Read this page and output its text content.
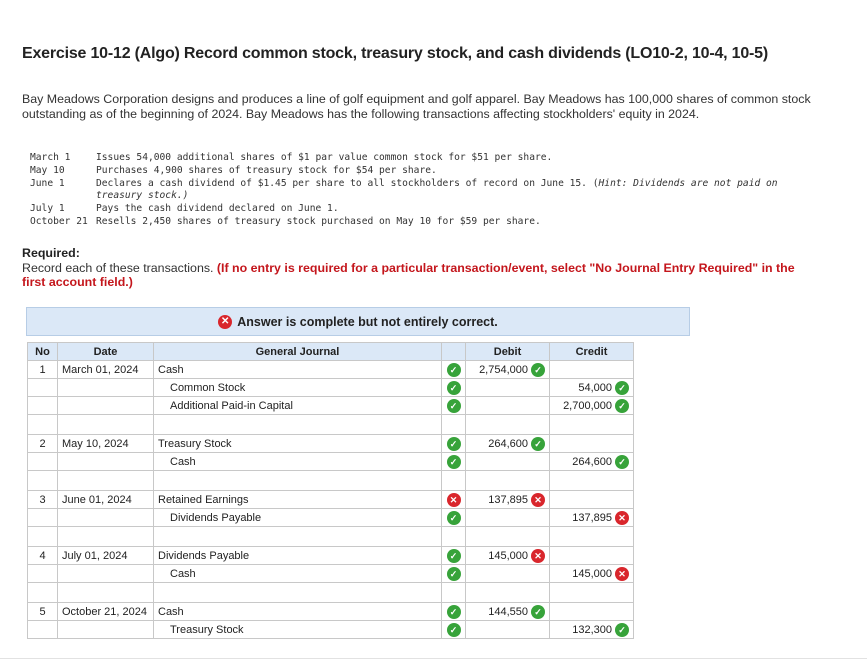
Exercise 10-12 (Algo) Record common stock, treasury stock, and cash dividends (LO10-2, 10-4, 10-5)
Bay Meadows Corporation designs and produces a line of golf equipment and golf apparel. Bay Meadows has 100,000 shares of common stock outstanding as of the beginning of 2024. Bay Meadows has the following transactions affecting stockholders' equity in 2024.
March 1	Issues 54,000 additional shares of $1 par value common stock for $51 per share.
May 10	Purchases 4,900 shares of treasury stock for $54 per share.
June 1	Declares a cash dividend of $1.45 per share to all stockholders of record on June 15. (Hint: Dividends are not paid on treasury stock.)
July 1	Pays the cash dividend declared on June 1.
October 21 Resells 2,450 shares of treasury stock purchased on May 10 for $59 per share.
Required:
Record each of these transactions. (If no entry is required for a particular transaction/event, select "No Journal Entry Required" in the first account field.)
✕ Answer is complete but not entirely correct.
No	Date	General Journal		Debit	Credit
1	March 01, 2024	Cash	✓	2,754,000 ✓	
		Common Stock	✓		54,000 ✓
		Additional Paid-in Capital	✓		2,700,000 ✓

2	May 10, 2024	Treasury Stock	✓	264,600 ✓	
		Cash	✓		264,600 ✓

3	June 01, 2024	Retained Earnings	✕	137,895 ✕	
		Dividends Payable	✓		137,895 ✕

4	July 01, 2024	Dividends Payable	✓	145,000 ✕	
		Cash	✓		145,000 ✕

5	October 21, 2024	Cash	✓	144,550 ✓	
		Treasury Stock	✓		132,300 ✓
